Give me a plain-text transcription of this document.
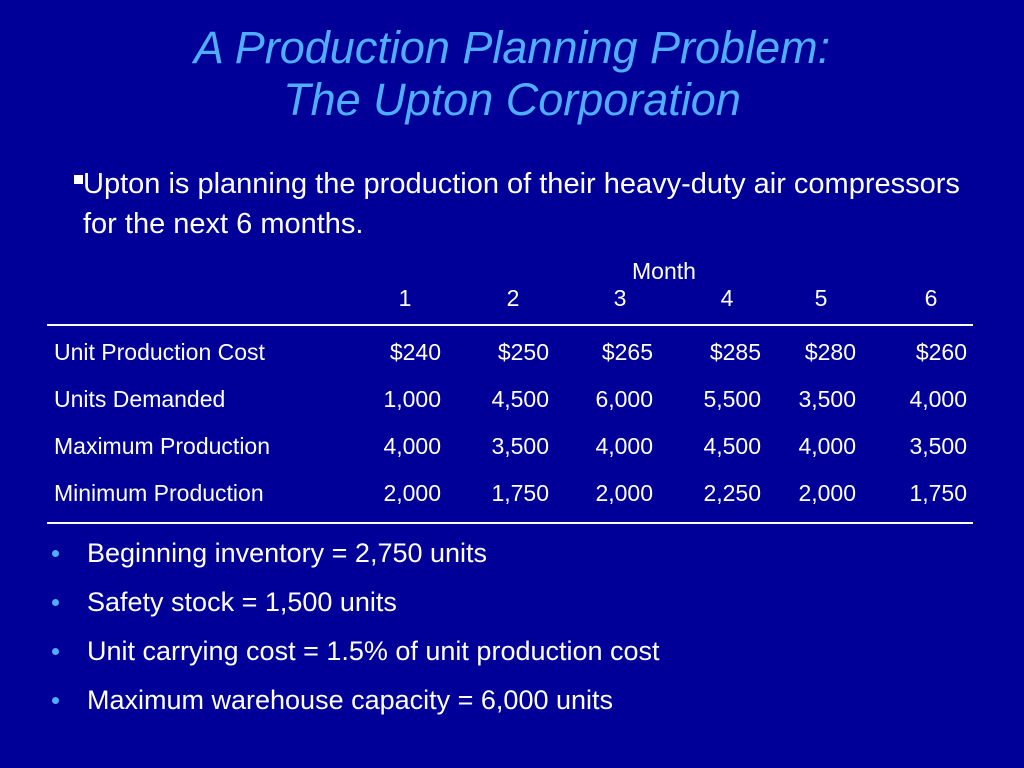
A Production Planning Problem:
The Upton Corporation
Upton is planning the production of their heavy-duty air compressors for the next 6 months.
Month
1	2	3	4	5	6
Unit Production Cost	$240	$250	$265	$285	$280	$260
Units Demanded	1,000	4,500	6,000	5,500	3,500	4,000
Maximum Production	4,000	3,500	4,000	4,500	4,000	3,500
Minimum Production	2,000	1,750	2,000	2,250	2,000	1,750
Beginning inventory = 2,750 units
Safety stock = 1,500 units
Unit carrying cost = 1.5% of unit production cost
Maximum warehouse capacity = 6,000 units
